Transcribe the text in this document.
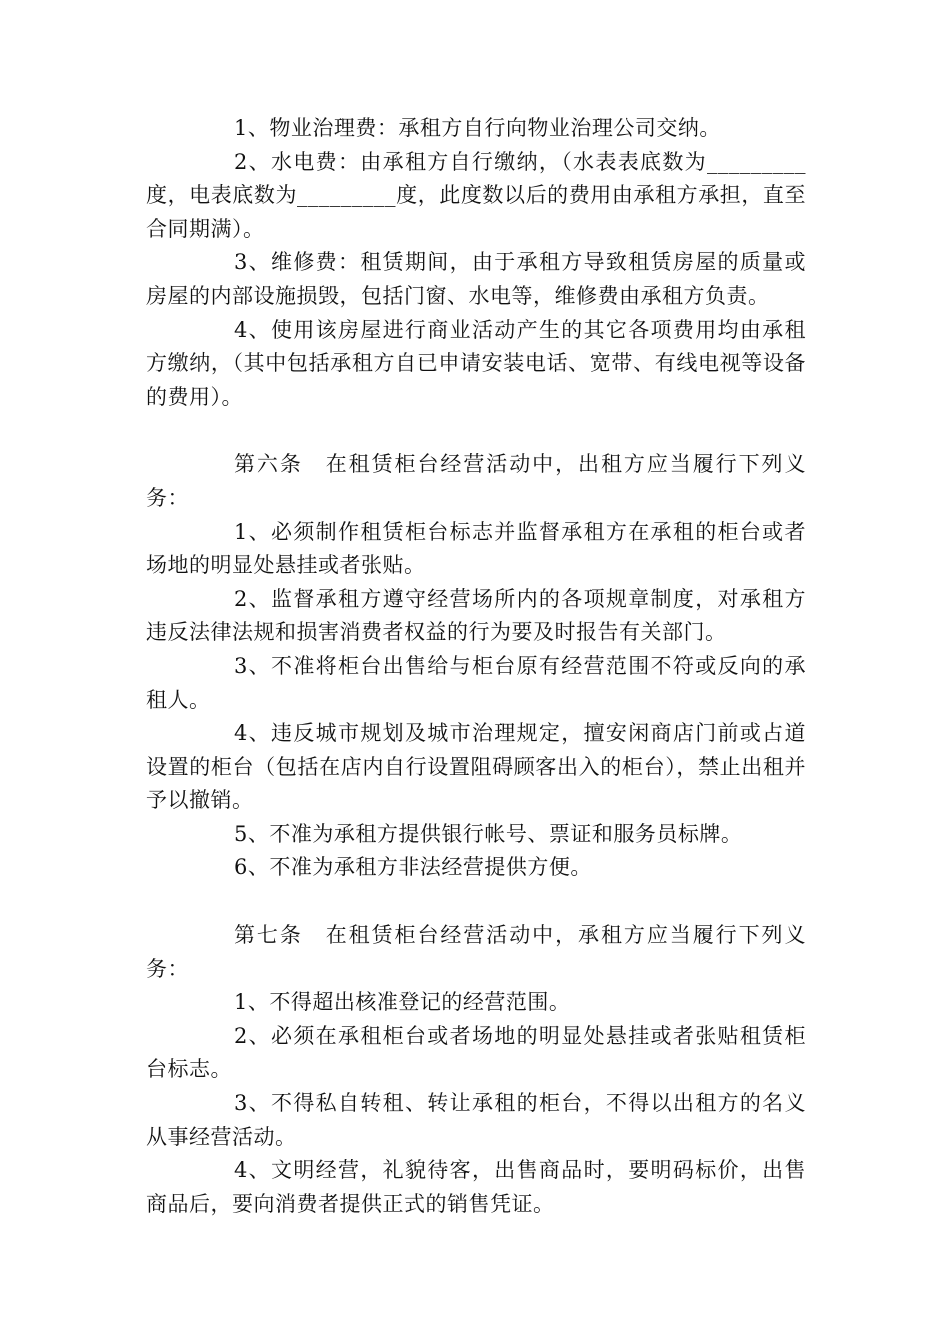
1、物业治理费：承租方自行向物业治理公司交纳。

2、水电费：由承租方自行缴纳，（水表表底数为_________度，电表底数为_________度，此度数以后的费用由承租方承担，直至合同期满）。

3、维修费：租赁期间，由于承租方导致租赁房屋的质量或房屋的内部设施损毁，包括门窗、水电等，维修费由承租方负责。

4、使用该房屋进行商业活动产生的其它各项费用均由承租方缴纳，（其中包括承租方自已申请安装电话、宽带、有线电视等设备的费用）。

第六条　在租赁柜台经营活动中，出租方应当履行下列义务：

1、必须制作租赁柜台标志并监督承租方在承租的柜台或者场地的明显处悬挂或者张贴。

2、监督承租方遵守经营场所内的各项规章制度，对承租方违反法律法规和损害消费者权益的行为要及时报告有关部门。

3、不准将柜台出售给与柜台原有经营范围不符或反向的承租人。

4、违反城市规划及城市治理规定，擅安闲商店门前或占道设置的柜台（包括在店内自行设置阻碍顾客出入的柜台），禁止出租并予以撤销。

5、不准为承租方提供银行帐号、票证和服务员标牌。

6、不准为承租方非法经营提供方便。

第七条　在租赁柜台经营活动中，承租方应当履行下列义务：

1、不得超出核准登记的经营范围。

2、必须在承租柜台或者场地的明显处悬挂或者张贴租赁柜台标志。

3、不得私自转租、转让承租的柜台，不得以出租方的名义从事经营活动。

4、文明经营，礼貌待客，出售商品时，要明码标价，出售商品后，要向消费者提供正式的销售凭证。
